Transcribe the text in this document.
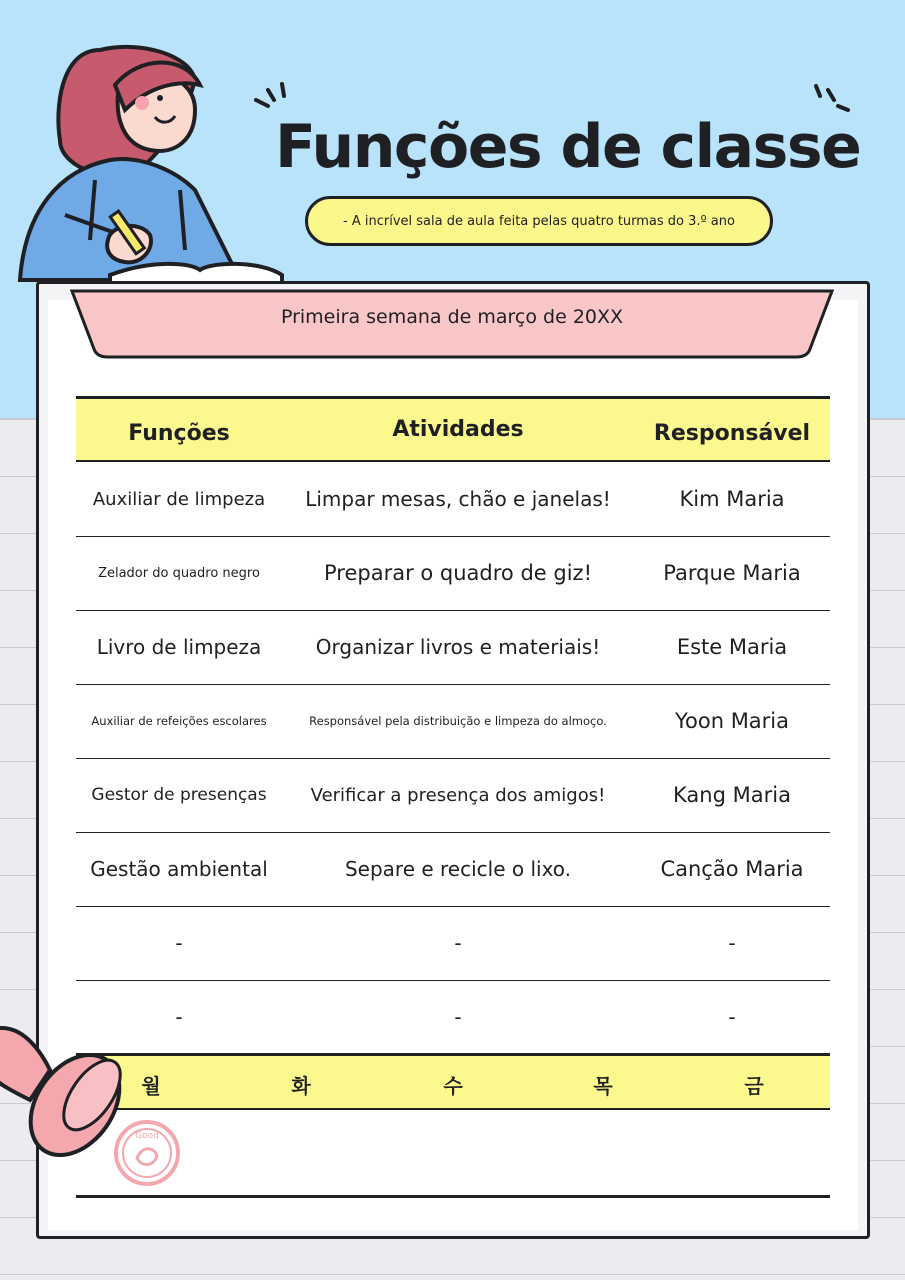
Funções de classe
- A incrível sala de aula feita pelas quatro turmas do 3.º ano
Primeira semana de março de 20XX
Funções	Atividades	Responsável
Auxiliar de limpeza	Limpar mesas, chão e janelas!	Kim Maria
Zelador do quadro negro	Preparar o quadro de giz!	Parque Maria
Livro de limpeza	Organizar livros e materiais!	Este Maria
Auxiliar de refeições escolares	Responsável pela distribuição e limpeza do almoço.	Yoon Maria
Gestor de presenças	Verificar a presença dos amigos!	Kang Maria
Gestão ambiental	Separe e recicle o lixo.	Canção Maria
-	-	-
-	-	-
월	화	수	목	금
Good
